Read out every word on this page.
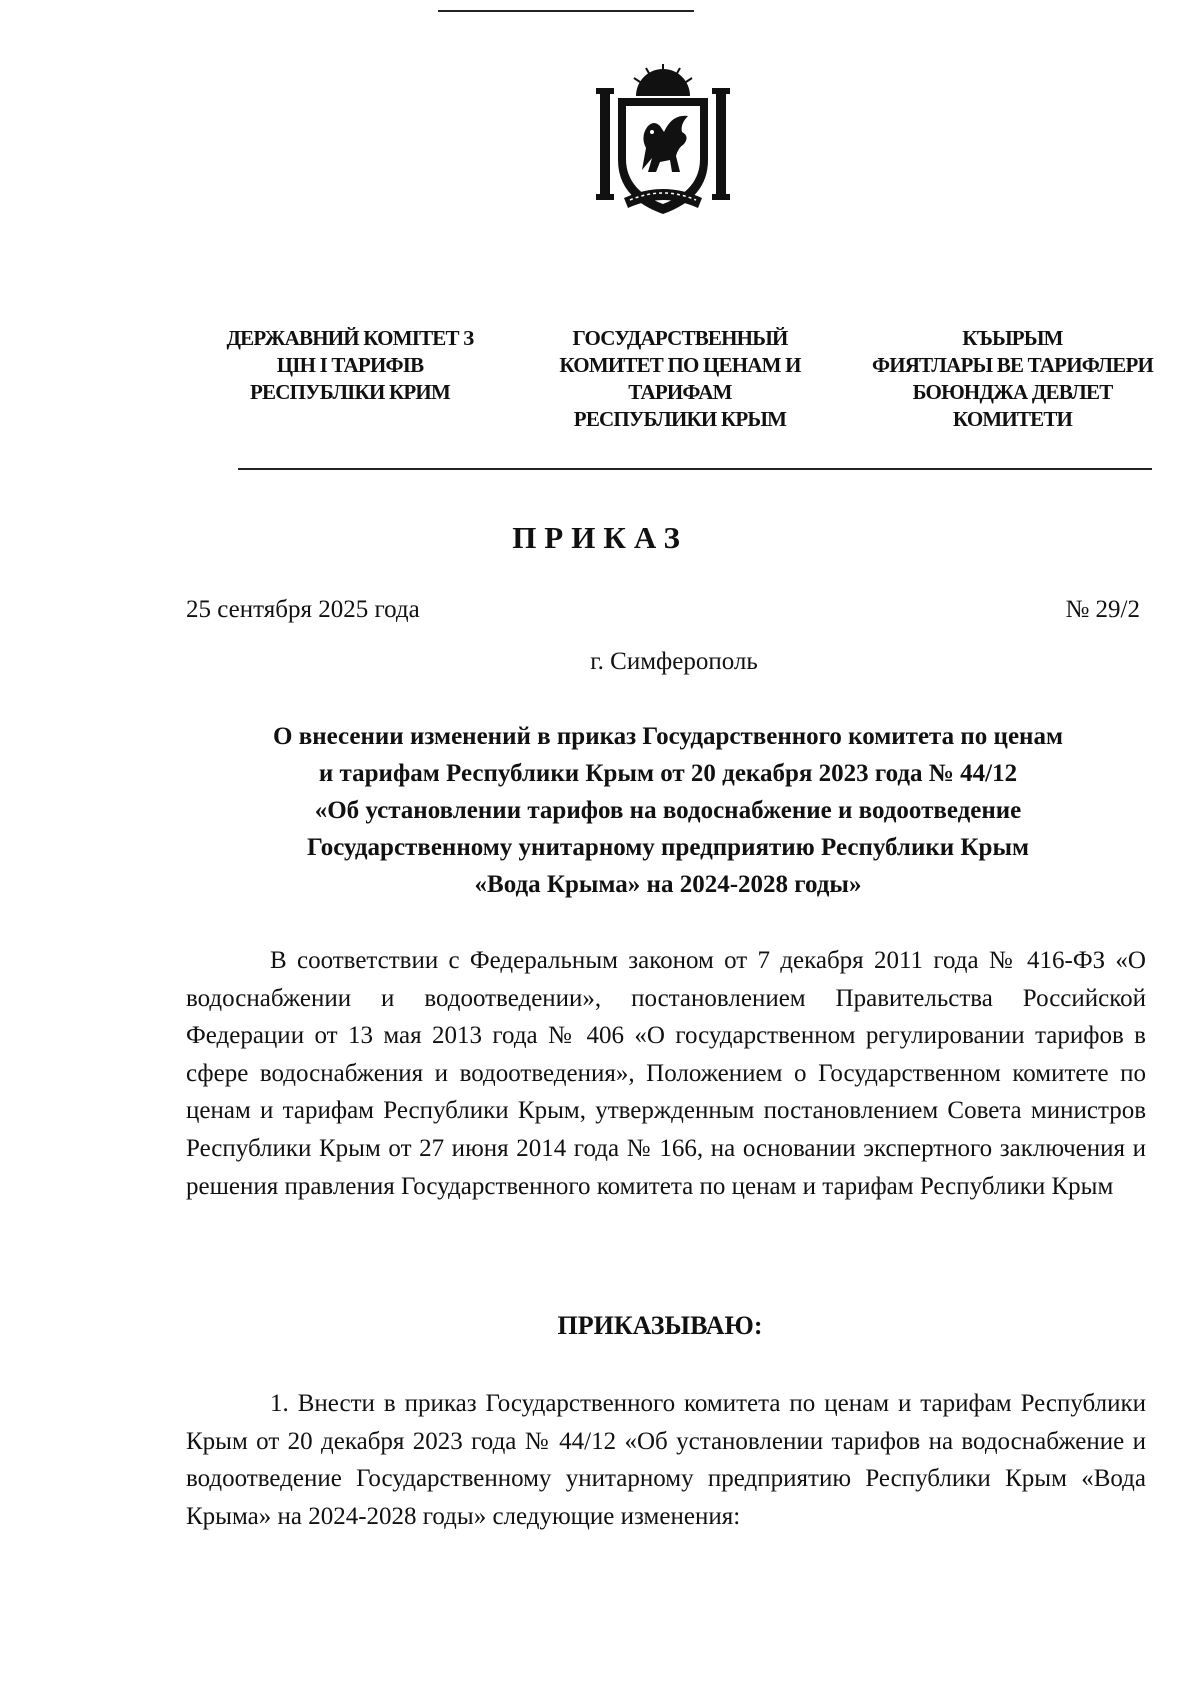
ДЕРЖАВНИЙ КОМІТЕТ З
ЦІН І ТАРИФІВ
РЕСПУБЛІКИ КРИМ

ГОСУДАРСТВЕННЫЙ
КОМИТЕТ ПО ЦЕНАМ И
ТАРИФАМ
РЕСПУБЛИКИ КРЫМ

КЪЫРЫМ
ФИЯТЛАРЫ ВЕ ТАРИФЛЕРИ
БОЮНДЖА ДЕВЛЕТ
КОМИТЕТИ

ПРИКАЗ

25 сентября 2025 года	№ 29/2

г. Симферополь

О внесении изменений в приказ Государственного комитета по ценам
и тарифам Республики Крым от 20 декабря 2023 года № 44/12
«Об установлении тарифов на водоснабжение и водоотведение
Государственному унитарному предприятию Республики Крым
«Вода Крыма» на 2024-2028 годы»

В соответствии с Федеральным законом от 7 декабря 2011 года № 416-ФЗ «О водоснабжении и водоотведении», постановлением Правительства Российской Федерации от 13 мая 2013 года № 406 «О государственном регулировании тарифов в сфере водоснабжения и водоотведения», Положением о Государственном комитете по ценам и тарифам Республики Крым, утвержденным постановлением Совета министров Республики Крым от 27 июня 2014 года № 166, на основании экспертного заключения и решения правления Государственного комитета по ценам и тарифам Республики Крым

ПРИКАЗЫВАЮ:

1. Внести в приказ Государственного комитета по ценам и тарифам Республики Крым от 20 декабря 2023 года № 44/12 «Об установлении тарифов на водоснабжение и водоотведение Государственному унитарному предприятию Республики Крым «Вода Крыма» на 2024-2028 годы» следующие изменения:
